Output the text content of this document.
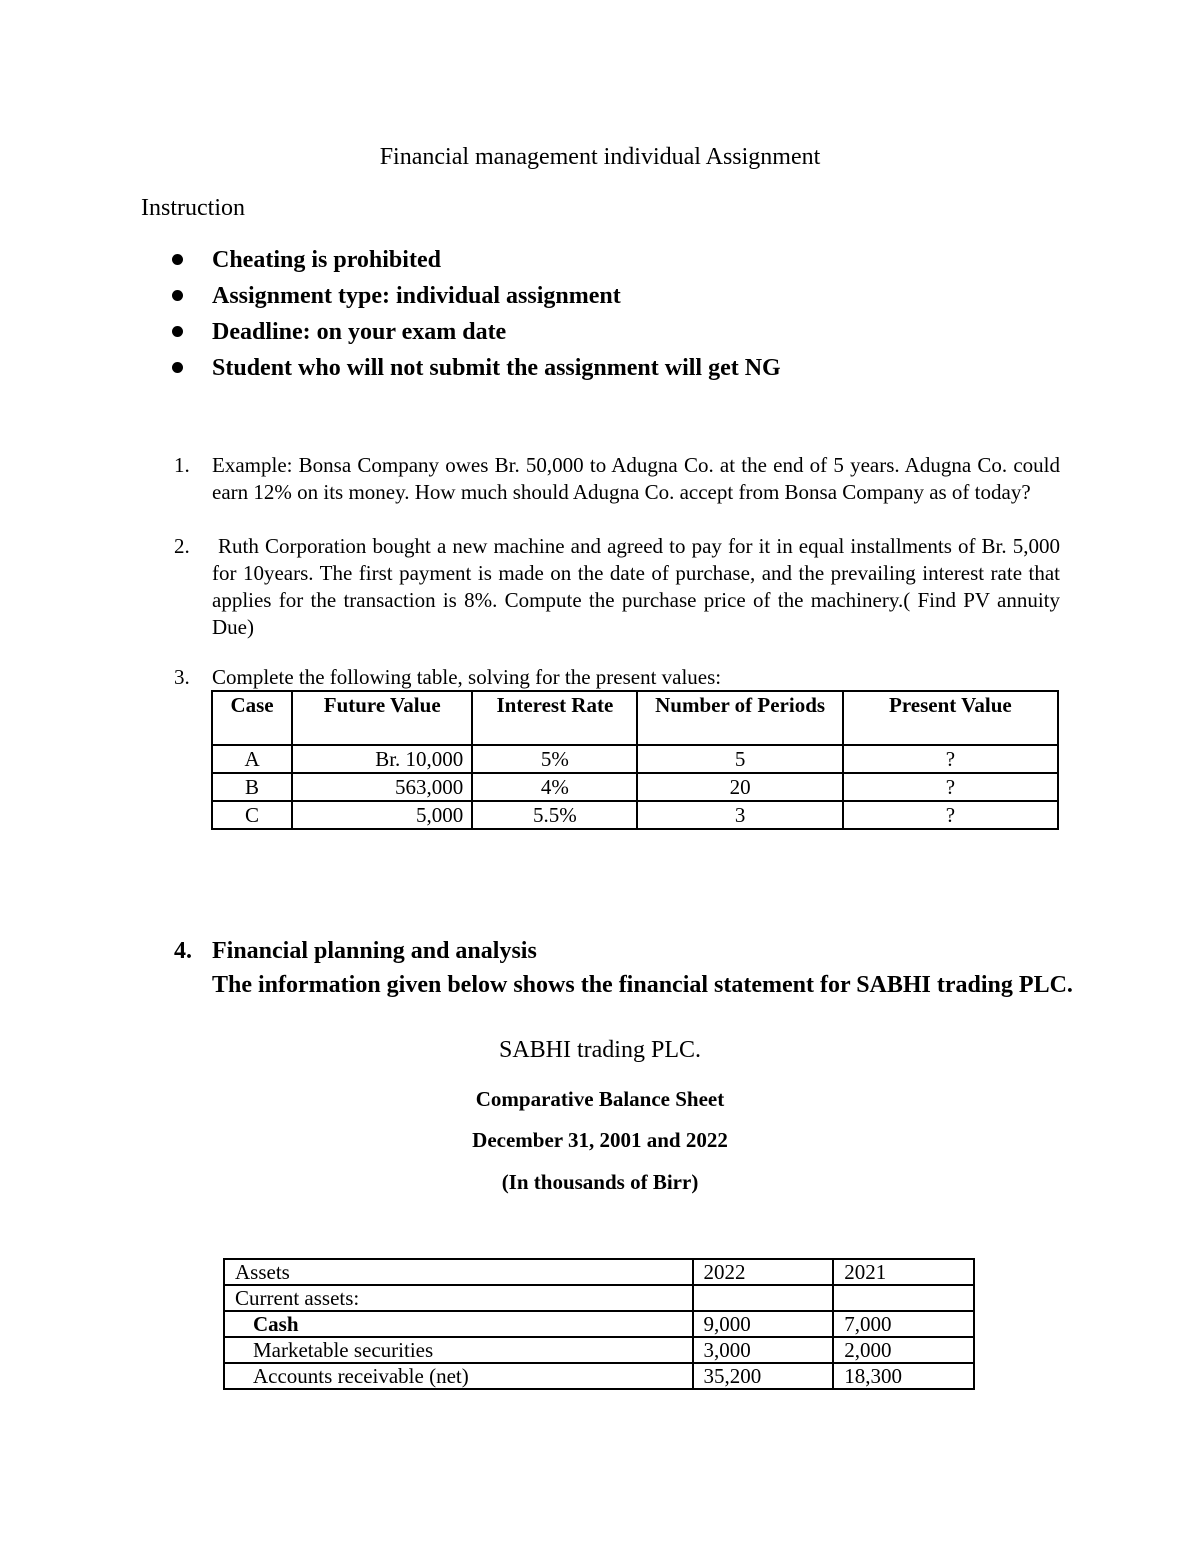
Financial management individual Assignment
Instruction
Cheating is prohibited
Assignment type: individual assignment
Deadline: on your exam date
Student who will not submit the assignment will get NG
1. Example: Bonsa Company owes Br. 50,000 to Adugna Co. at the end of 5 years. Adugna Co. could earn 12% on its money. How much should Adugna Co. accept from Bonsa Company as of today?
2. Ruth Corporation bought a new machine and agreed to pay for it in equal installments of Br. 5,000 for 10years. The first payment is made on the date of purchase, and the prevailing interest rate that applies for the transaction is 8%. Compute the purchase price of the machinery.( Find PV annuity Due)
3. Complete the following table, solving for the present values:
Case	Future Value	Interest Rate	Number of Periods	Present Value
A	Br. 10,000	5%	5	?
B	563,000	4%	20	?
C	5,000	5.5%	3	?
4. Financial planning and analysis
The information given below shows the financial statement for SABHI trading PLC.
SABHI trading PLC.
Comparative Balance Sheet
December 31, 2001 and 2022
(In thousands of Birr)
Assets	2022	2021
Current assets:		
Cash	9,000	7,000
Marketable securities	3,000	2,000
Accounts receivable (net)	35,200	18,300
